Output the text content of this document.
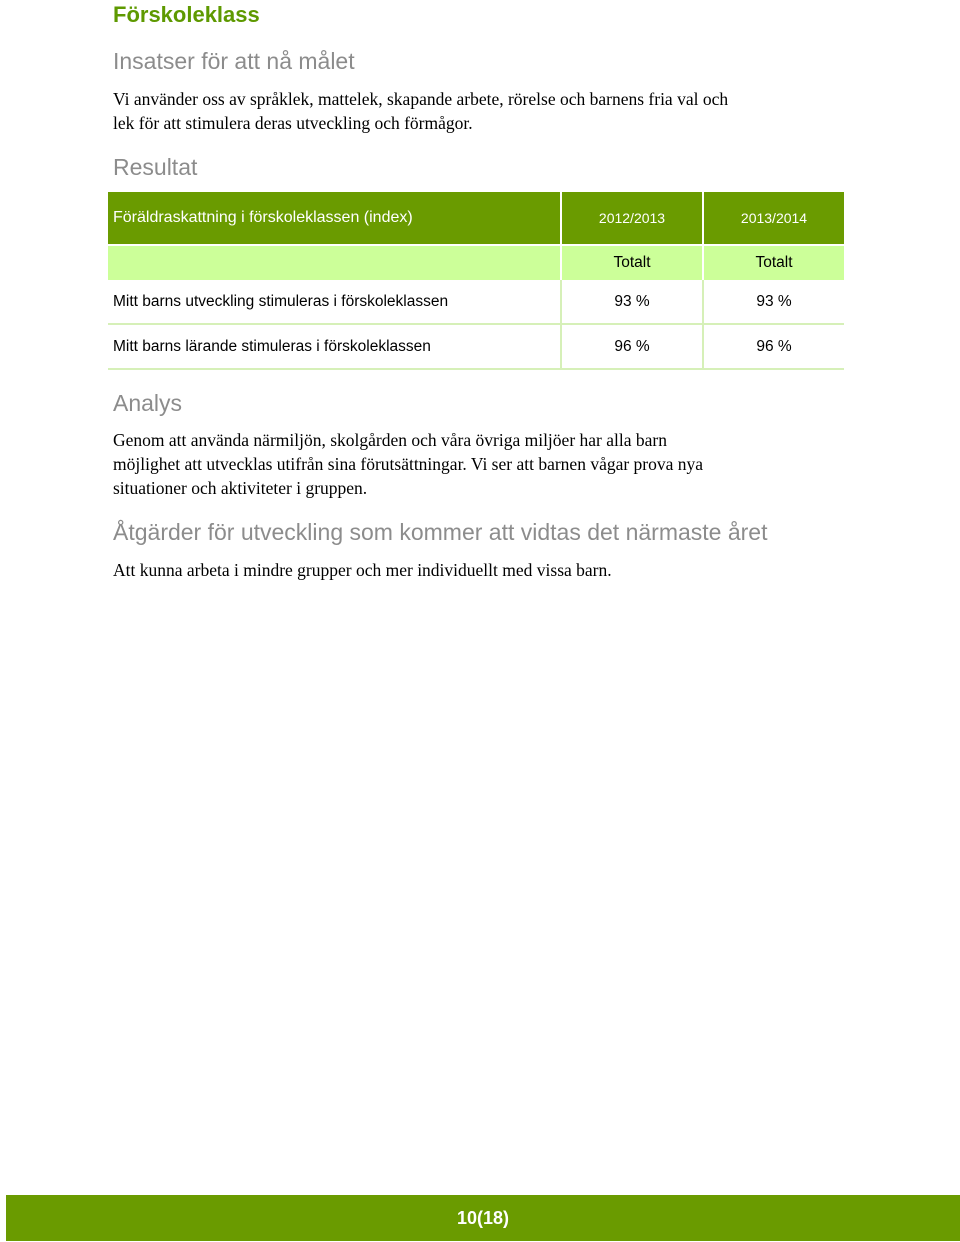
Förskoleklass
Insatser för att nå målet

Vi använder oss av språklek, mattelek, skapande arbete, rörelse och barnens fria val och
lek för att stimulera deras utveckling och förmågor.

Resultat
Analys

Genom att använda närmiljön, skolgården och våra övriga miljöer har alla barn
möjlighet att utvecklas utifrån sina förutsättningar. Vi ser att barnen vågar prova nya
situationer och aktiviteter i gruppen.

Åtgärder för utveckling som kommer att vidtas det närmaste året

Att kunna arbeta i mindre grupper och mer individuellt med vissa barn.

Föräldraskattning i förskoleklassen (index)	2012/2013	2013/2014
	Totalt	Totalt
Mitt barns utveckling stimuleras i förskoleklassen	93 %	93 %
Mitt barns lärande stimuleras i förskoleklassen	96 %	96 %
10(18)
